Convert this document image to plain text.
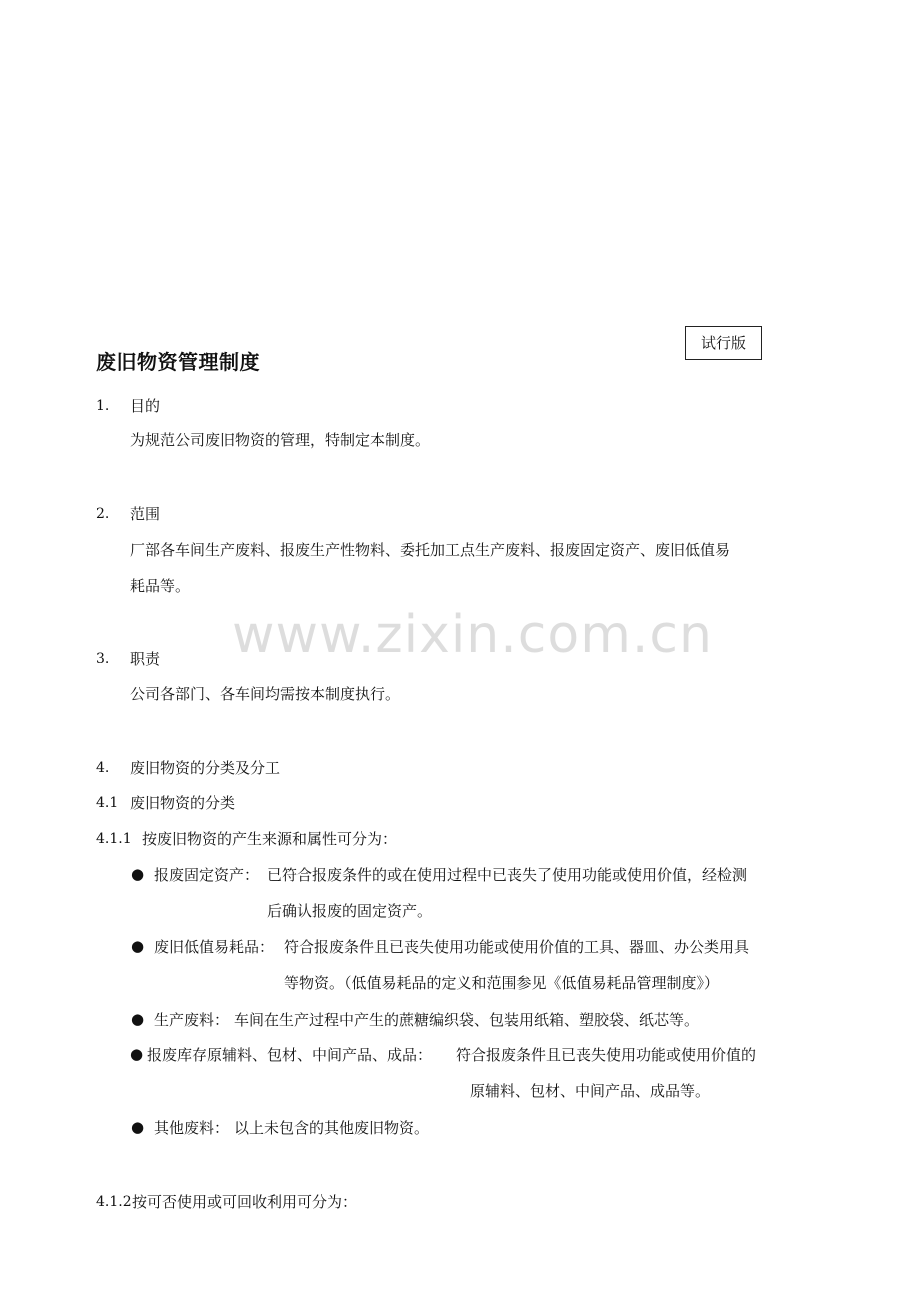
试行版
废旧物资管理制度
1. 目的
为规范公司废旧物资的管理，特制定本制度。
2. 范围
厂部各车间生产废料、报废生产性物料、委托加工点生产废料、报废固定资产、废旧低值易
耗品等。
www.zixin.com.cn
3. 职责
公司各部门、各车间均需按本制度执行。
4. 废旧物资的分类及分工
4.1 废旧物资的分类
4.1.1 按废旧物资的产生来源和属性可分为：
● 报废固定资产： 已符合报废条件的或在使用过程中已丧失了使用功能或使用价值，经检测
后确认报废的固定资产。
● 废旧低值易耗品： 符合报废条件且已丧失使用功能或使用价值的工具、器皿、办公类用具
等物资。（低值易耗品的定义和范围参见《低值易耗品管理制度》）
● 生产废料： 车间在生产过程中产生的蔗糖编织袋、包装用纸箱、塑胶袋、纸芯等。
● 报废库存原辅料、包材、中间产品、成品： 符合报废条件且已丧失使用功能或使用价值的
原辅料、包材、中间产品、成品等。
● 其他废料： 以上未包含的其他废旧物资。
4.1.2 按可否使用或可回收利用可分为：
